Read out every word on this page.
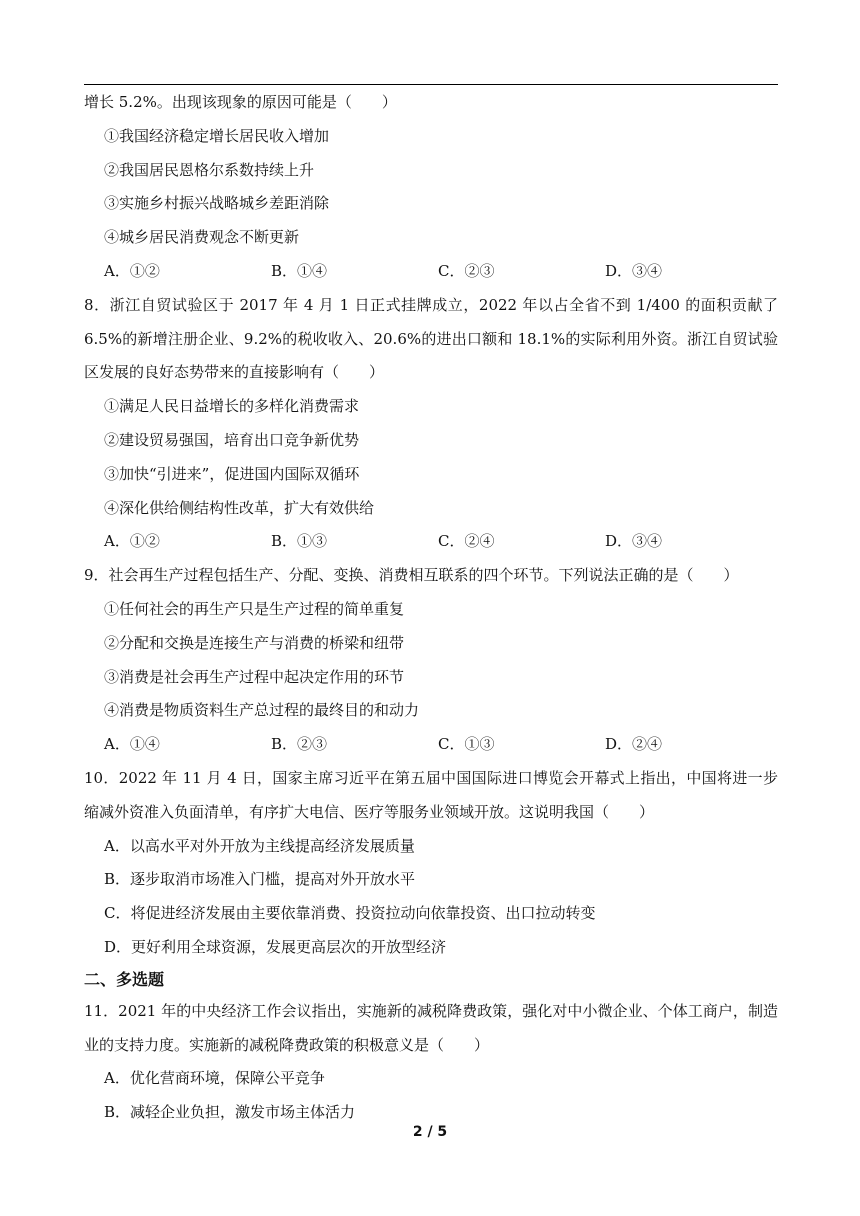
增长 5.2%。出现该现象的原因可能是（　　）
①我国经济稳定增长居民收入增加
②我国居民恩格尔系数持续上升
③实施乡村振兴战略城乡差距消除
④城乡居民消费观念不断更新
A．①②	B．①④	C．②③	D．③④
8．浙江自贸试验区于 2017 年 4 月 1 日正式挂牌成立，2022 年以占全省不到 1/400 的面积贡献了 6.5%的新增注册企业、9.2%的税收收入、20.6%的进出口额和 18.1%的实际利用外资。浙江自贸试验区发展的良好态势带来的直接影响有（　　）
①满足人民日益增长的多样化消费需求
②建设贸易强国，培育出口竞争新优势
③加快“引进来”，促进国内国际双循环
④深化供给侧结构性改革，扩大有效供给
A．①②	B．①③	C．②④	D．③④
9．社会再生产过程包括生产、分配、变换、消费相互联系的四个环节。下列说法正确的是（　　）
①任何社会的再生产只是生产过程的简单重复
②分配和交换是连接生产与消费的桥梁和纽带
③消费是社会再生产过程中起决定作用的环节
④消费是物质资料生产总过程的最终目的和动力
A．①④	B．②③	C．①③	D．②④
10．2022 年 11 月 4 日，国家主席习近平在第五届中国国际进口博览会开幕式上指出，中国将进一步缩减外资准入负面清单，有序扩大电信、医疗等服务业领域开放。这说明我国（　　）
A．以高水平对外开放为主线提高经济发展质量
B．逐步取消市场准入门槛，提高对外开放水平
C．将促进经济发展由主要依靠消费、投资拉动向依靠投资、出口拉动转变
D．更好利用全球资源，发展更高层次的开放型经济
二、多选题
11．2021 年的中央经济工作会议指出，实施新的减税降费政策，强化对中小微企业、个体工商户，制造业的支持力度。实施新的减税降费政策的积极意义是（　　）
A．优化营商环境，保障公平竞争
B．减轻企业负担，激发市场主体活力
2 / 5
